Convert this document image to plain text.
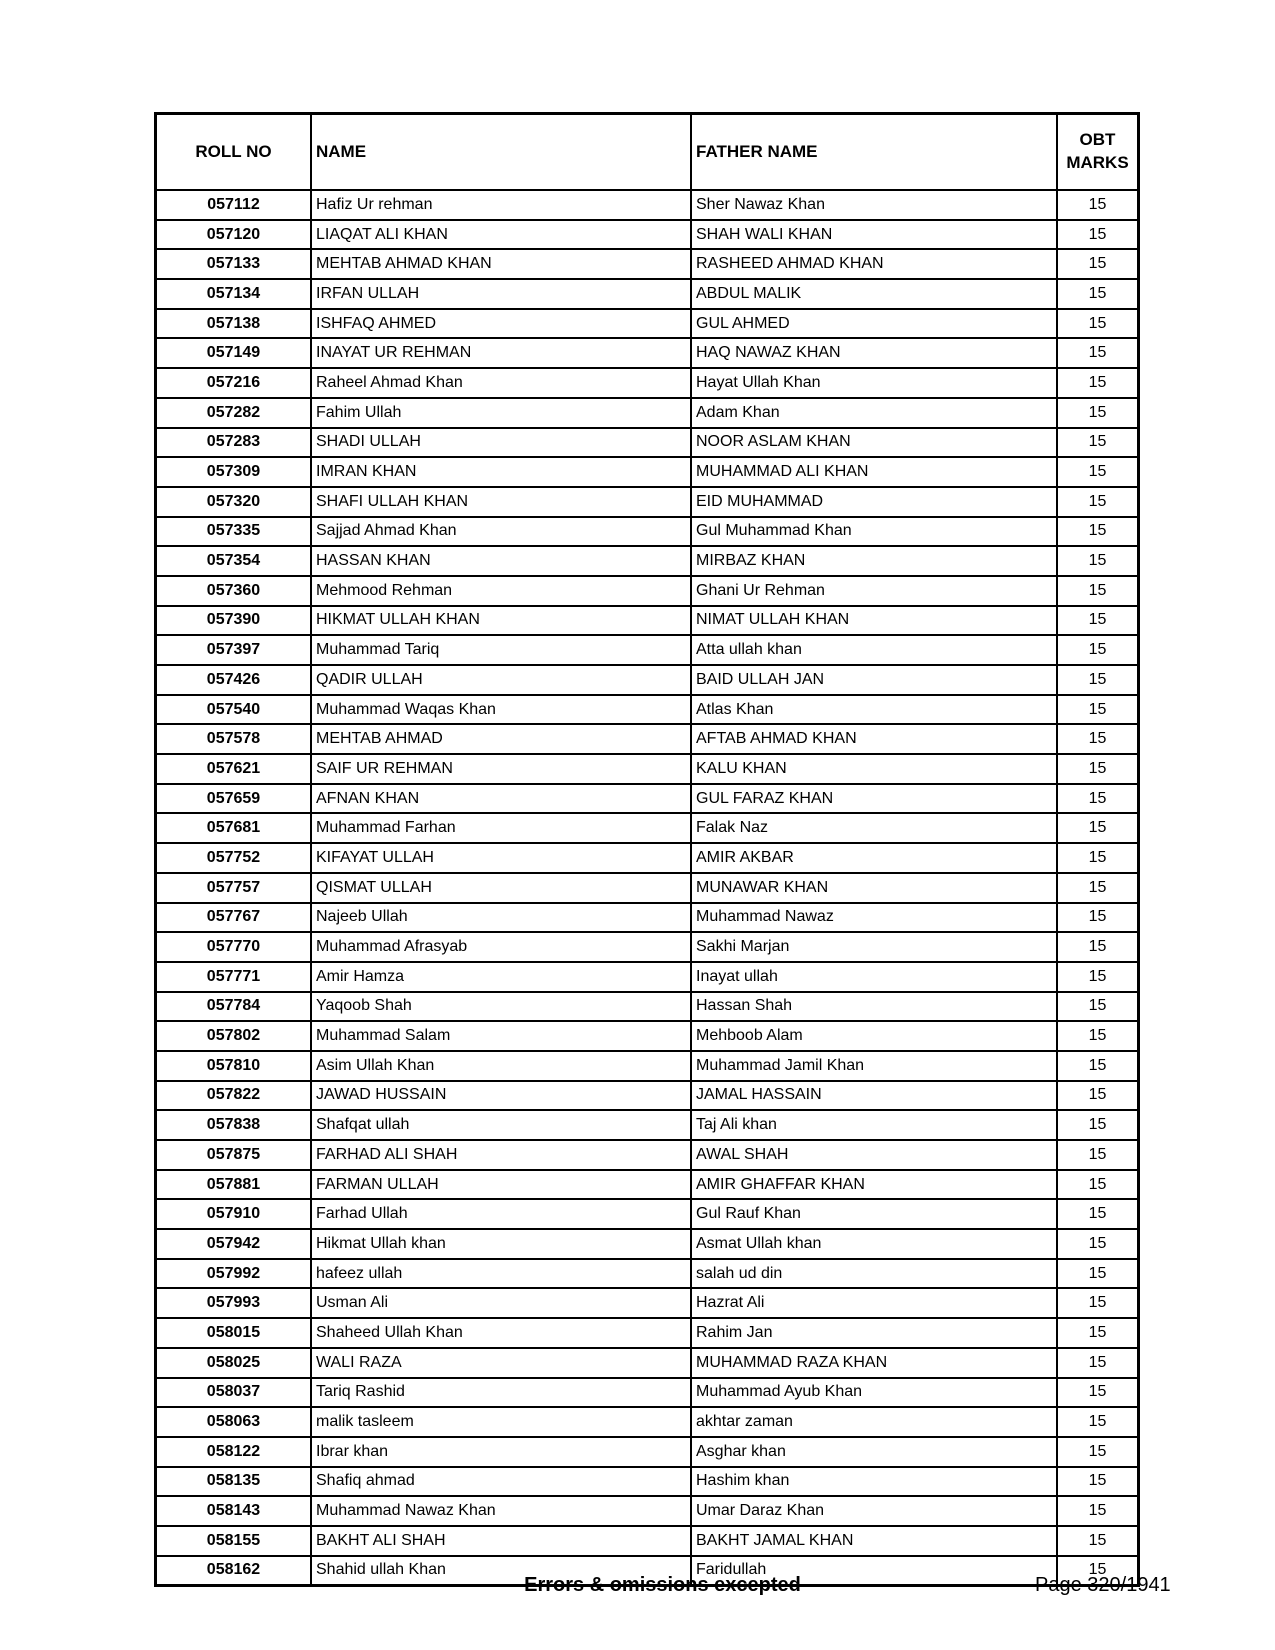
ROLL NO	NAME	FATHER NAME	OBT MARKS
057112	Hafiz Ur rehman	Sher Nawaz Khan	15
057120	LIAQAT ALI KHAN	SHAH WALI KHAN	15
057133	MEHTAB AHMAD KHAN	RASHEED AHMAD KHAN	15
057134	IRFAN ULLAH	ABDUL MALIK	15
057138	ISHFAQ AHMED	GUL AHMED	15
057149	INAYAT UR REHMAN	HAQ NAWAZ KHAN	15
057216	Raheel Ahmad Khan	Hayat Ullah Khan	15
057282	Fahim Ullah	Adam Khan	15
057283	SHADI ULLAH	NOOR ASLAM KHAN	15
057309	IMRAN KHAN	MUHAMMAD ALI KHAN	15
057320	SHAFI ULLAH KHAN	EID MUHAMMAD	15
057335	Sajjad Ahmad Khan	Gul Muhammad Khan	15
057354	HASSAN KHAN	MIRBAZ KHAN	15
057360	Mehmood Rehman	Ghani Ur Rehman	15
057390	HIKMAT ULLAH KHAN	NIMAT ULLAH KHAN	15
057397	Muhammad Tariq	Atta ullah khan	15
057426	QADIR ULLAH	BAID ULLAH JAN	15
057540	Muhammad Waqas Khan	Atlas Khan	15
057578	MEHTAB AHMAD	AFTAB AHMAD KHAN	15
057621	SAIF UR REHMAN	KALU KHAN	15
057659	AFNAN KHAN	GUL FARAZ KHAN	15
057681	Muhammad Farhan	Falak Naz	15
057752	KIFAYAT ULLAH	AMIR AKBAR	15
057757	QISMAT ULLAH	MUNAWAR KHAN	15
057767	Najeeb Ullah	Muhammad Nawaz	15
057770	Muhammad Afrasyab	Sakhi Marjan	15
057771	Amir Hamza	Inayat ullah	15
057784	Yaqoob Shah	Hassan Shah	15
057802	Muhammad Salam	Mehboob Alam	15
057810	Asim Ullah Khan	Muhammad Jamil Khan	15
057822	JAWAD HUSSAIN	JAMAL HASSAIN	15
057838	Shafqat ullah	Taj Ali khan	15
057875	FARHAD ALI SHAH	AWAL SHAH	15
057881	FARMAN ULLAH	AMIR GHAFFAR KHAN	15
057910	Farhad Ullah	Gul Rauf Khan	15
057942	Hikmat Ullah khan	Asmat Ullah khan	15
057992	hafeez ullah	salah ud din	15
057993	Usman Ali	Hazrat Ali	15
058015	Shaheed Ullah Khan	Rahim Jan	15
058025	WALI RAZA	MUHAMMAD RAZA KHAN	15
058037	Tariq Rashid	Muhammad Ayub Khan	15
058063	malik tasleem	akhtar zaman	15
058122	Ibrar khan	Asghar khan	15
058135	Shafiq ahmad	Hashim khan	15
058143	Muhammad Nawaz Khan	Umar Daraz Khan	15
058155	BAKHT ALI SHAH	BAKHT JAMAL KHAN	15
058162	Shahid ullah Khan	Faridullah	15
Errors & omissions excepted	Page 320/1941
